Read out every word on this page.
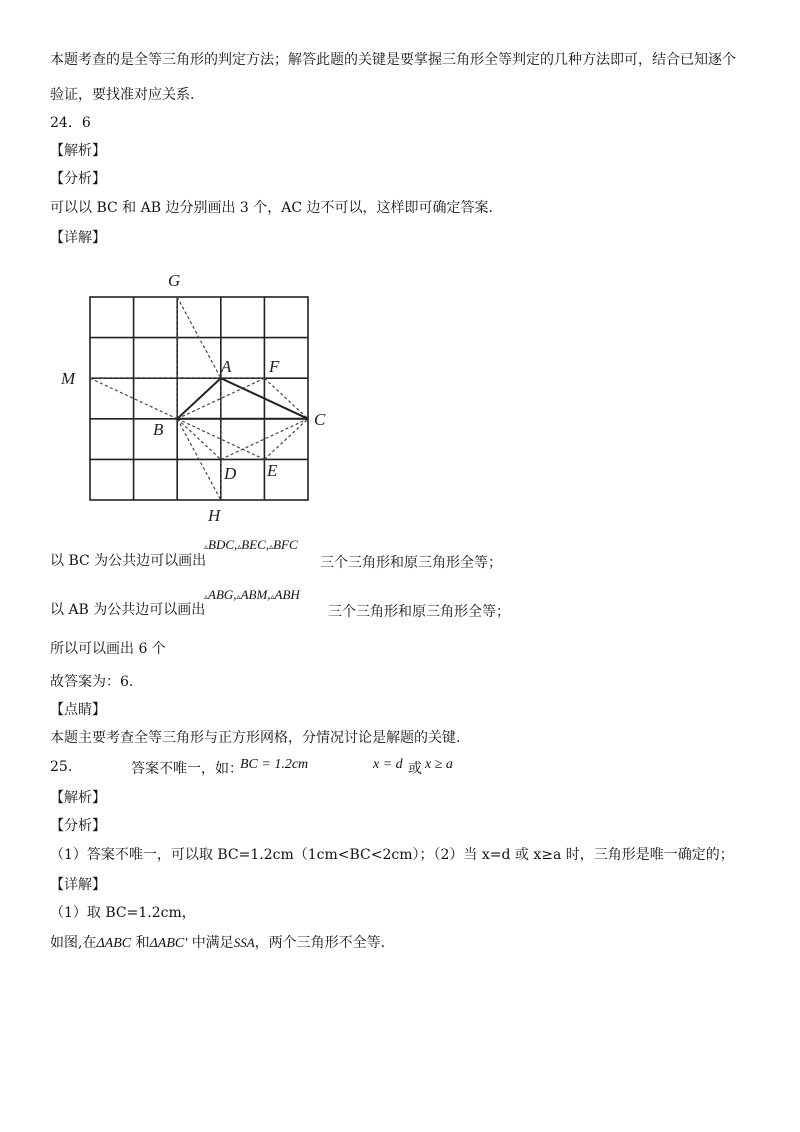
本题考查的是全等三角形的判定方法；解答此题的关键是要掌握三角形全等判定的几种方法即可，结合已知逐个
验证，要找准对应关系.
24．6
【解析】
【分析】
可以以 BC 和 AB 边分别画出 3 个，AC 边不可以，这样即可确定答案.
【详解】
G
M
A F
C
B
D E
H
以 BC 为公共边可以画出
▵BDC,▵BEC,▵BFC
三个三角形和原三角形全等；
以 AB 为公共边可以画出
▵ABG,▵ABM,▵ABH
三个三角形和原三角形全等；
所以可以画出 6 个
故答案为：6.
【点睛】
本题主要考查全等三角形与正方形网格，分情况讨论是解题的关键.
25.	答案不唯一，如：
BC = 1.2cm	x = d 或 x ≥ a
【解析】
【分析】
（1）答案不唯一，可以取 BC=1.2cm（1cm<BC<2cm）；（2）当 x=d 或 x≥a 时，三角形是唯一确定的；
【详解】
（1）取 BC=1.2cm，
如图,在ΔABC 和ΔABC' 中满足SSA，两个三角形不全等.
